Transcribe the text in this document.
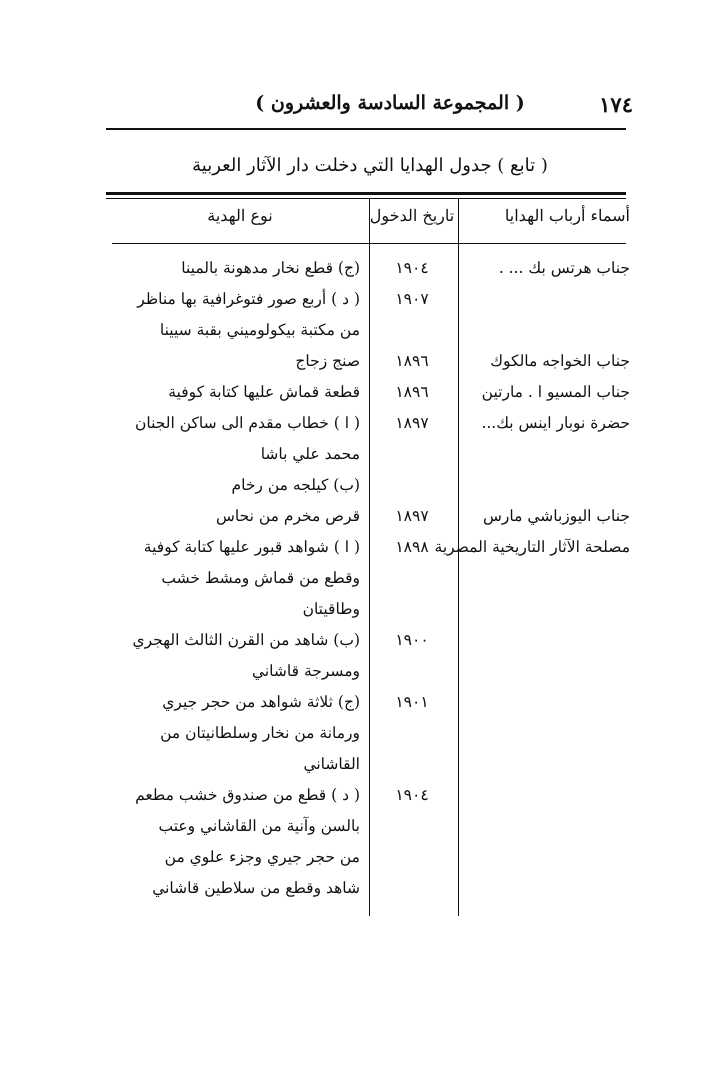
١٧٤
( المجموعة السادسة والعشرون )
( تابع ) جدول الهدايا التي دخلت دار الآثار العربية
أسماء أرباب الهدايا
تاريخ الدخول
نوع الهدية
جناب هرتس بك ... .
١٩٠٤
(ج) قطع نخار مدهونة بالمينا
١٩٠٧
( د ) أربع صور فتوغرافية بها مناظر
من مكتبة بيكولوميني بقبة سيينا
جناب الخواجه مالكوك
١٨٩٦
صنج زجاج
جناب المسيو ا . مارتين
١٨٩٦
قطعة قماش عليها كتابة كوفية
حضرة نوبار اينس بك...
١٨٩٧
( ا ) خطاب مقدم الى ساكن الجنان
محمد علي باشا
(ب) كيلجه من رخام
جناب اليوزباشي مارس
١٨٩٧
قرص مخرم من نحاس
مصلحة الآثار التاريخية المصرية
١٨٩٨
( ا ) شواهد قبور عليها كتابة كوفية
وقطع من قماش ومشط خشب
وطاقيتان
١٩٠٠
(ب) شاهد من القرن الثالث الهجري
ومسرجة قاشاني
١٩٠١
(ج) ثلاثة شواهد من حجر جيري
ورمانة من نخار وسلطانيتان من
القاشاني
١٩٠٤
( د ) قطع من صندوق خشب مطعم
بالسن وآنية من القاشاني وعتب
من حجر جيري وجزء علوي من
شاهد وقطع من سلاطين قاشاني
